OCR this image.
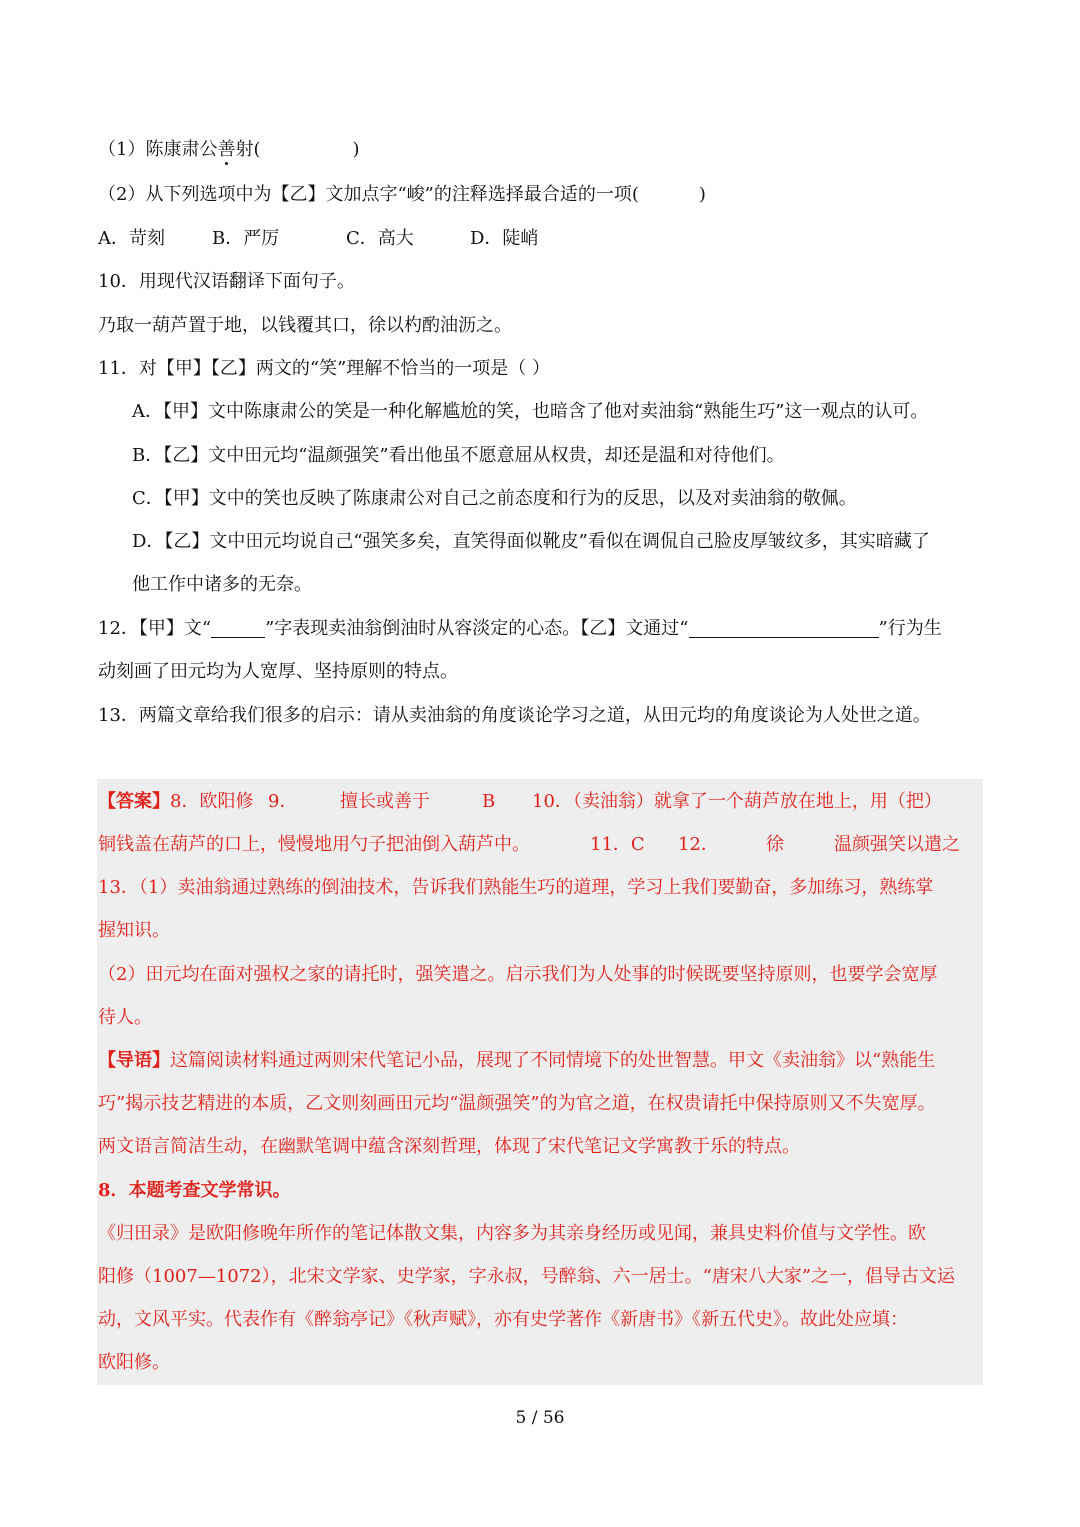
（1）陈康肃公善射(	)
（2）从下列选项中为【乙】文加点字“峻”的注释选择最合适的一项(	)
A．苛刻	B．严厉	C．高大	D．陡峭
10．用现代汉语翻译下面句子。
乃取一葫芦置于地，以钱覆其口，徐以杓酌油沥之。
11．对【甲】【乙】两文的“笑”理解不恰当的一项是（ ）
A．【甲】文中陈康肃公的笑是一种化解尴尬的笑，也暗含了他对卖油翁“熟能生巧”这一观点的认可。
B．【乙】文中田元均“温颜强笑”看出他虽不愿意屈从权贵，却还是温和对待他们。
C．【甲】文中的笑也反映了陈康肃公对自己之前态度和行为的反思，以及对卖油翁的敬佩。
D．【乙】文中田元均说自己“强笑多矣，直笑得面似靴皮”看似在调侃自己脸皮厚皱纹多，其实暗藏了
他工作中诸多的无奈。
12．【甲】文“	”字表现卖油翁倒油时从容淡定的心态。【乙】文通过“	”行为生
动刻画了田元均为人宽厚、坚持原则的特点。
13．两篇文章给我们很多的启示：请从卖油翁的角度谈论学习之道，从田元均的角度谈论为人处世之道。
【答案】8．欧阳修 9． 擅长或善于	B 10．（卖油翁）就拿了一个葫芦放在地上，用（把）
铜钱盖在葫芦的口上，慢慢地用勺子把油倒入葫芦中。	11．C 12．	徐	温颜强笑以遣之
13．（1）卖油翁通过熟练的倒油技术，告诉我们熟能生巧的道理，学习上我们要勤奋，多加练习，熟练掌
握知识。
（2）田元均在面对强权之家的请托时，强笑遣之。启示我们为人处事的时候既要坚持原则，也要学会宽厚
待人。
【导语】这篇阅读材料通过两则宋代笔记小品，展现了不同情境下的处世智慧。甲文《卖油翁》以“熟能生
巧”揭示技艺精进的本质，乙文则刻画田元均“温颜强笑”的为官之道，在权贵请托中保持原则又不失宽厚。
两文语言简洁生动，在幽默笔调中蕴含深刻哲理，体现了宋代笔记文学寓教于乐的特点。
8．本题考查文学常识。
《归田录》是欧阳修晚年所作的笔记体散文集，内容多为其亲身经历或见闻，兼具史料价值与文学性。欧
阳修（1007—1072），北宋文学家、史学家，字永叔，号醉翁、六一居士。“唐宋八大家”之一，倡导古文运
动，文风平实。代表作有《醉翁亭记》《秋声赋》，亦有史学著作《新唐书》《新五代史》。故此处应填：
欧阳修。
5 / 56
